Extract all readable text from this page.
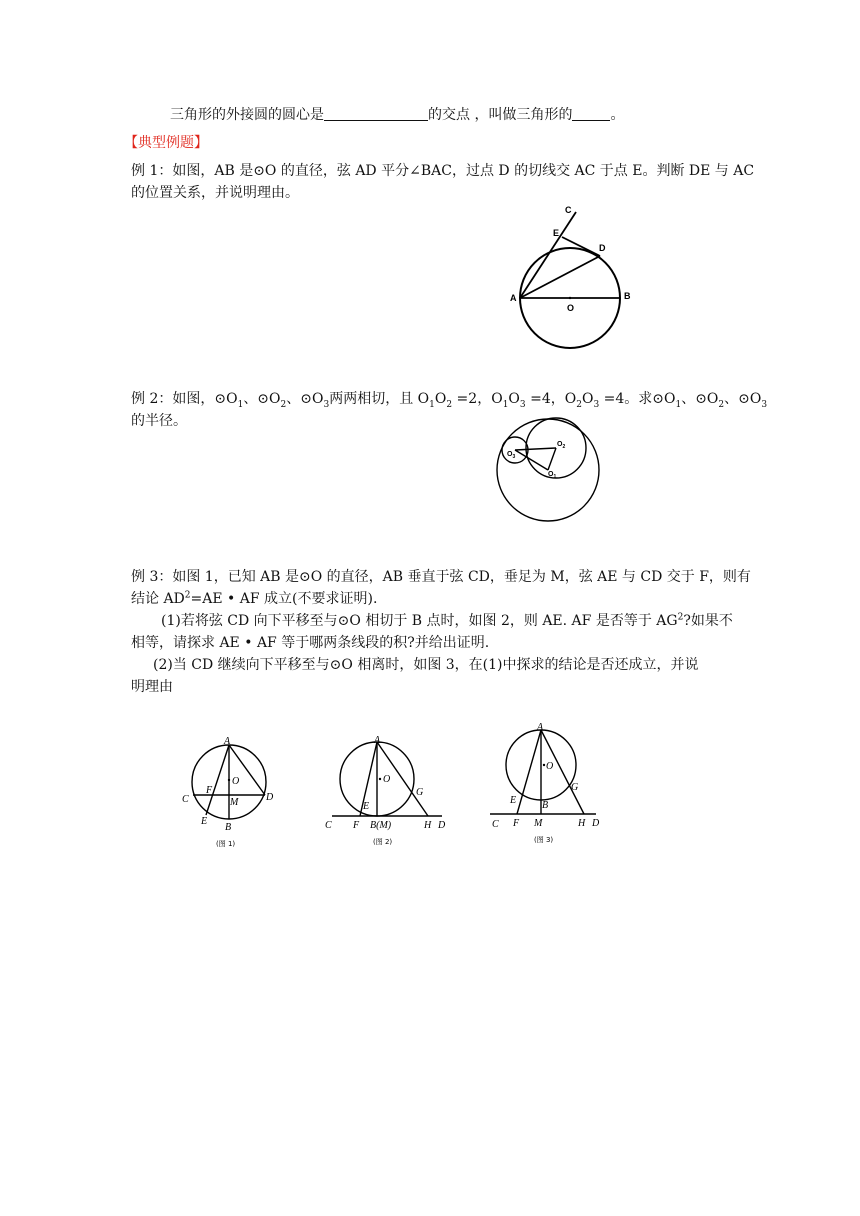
三角形的外接圆的圆心是	的交点 ，叫做三角形的	。
【典型例题】
例 1：如图，AB 是⊙O 的直径，弦 AD 平分∠BAC，过点 D 的切线交 AC 于点 E。判断 DE 与 AC
的位置关系，并说明理由。
C
E
D
A
O
B
例 2：如图，$⊙O_1$、$⊙O_2$、$⊙O_3$两两相切，且 $O_1O_2 =2$，$O_1O_3 =4$，$O_2O_3 =4$。求$⊙O_1$、$⊙O_2$、$⊙O_3$
的半径。
$O_2$
$O_3$
$O_1$
例 3：如图 1，已知 AB 是⊙O 的直径，AB 垂直于弦 CD，垂足为 M，弦 AE 与 CD 交于 F，则有
结论 $AD^2=AE$ • AF 成立(不要求证明).
(1)若将弦 CD 向下平移至与⊙O 相切于 B 点时，如图 2，则 AE. AF 是否等于 $AG^2$?如果不
相等，请探求 AE • AF 等于哪两条线段的积?并给出证明.
(2)当 CD 继续向下平移至与⊙O 相离时，如图 3，在(1)中探求的结论是否还成立，并说
明理由
A
O
C
F
M	D
E
B
(图 1)
A
O
G
E
C F B(M)	H D
(图 2)
A
O
E
G
B
C F M	H D
(图 3)
